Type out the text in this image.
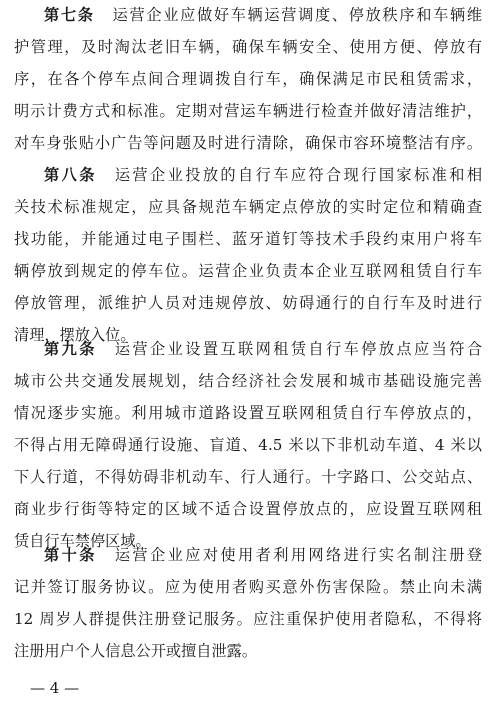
第七条 运营企业应做好车辆运营调度、停放秩序和车辆维
护管理，及时淘汰老旧车辆，确保车辆安全、使用方便、停放有
序，在各个停车点间合理调拨自行车，确保满足市民租赁需求，
明示计费方式和标准。定期对营运车辆进行检查并做好清洁维护，
对车身张贴小广告等问题及时进行清除，确保市容环境整洁有序。
第八条 运营企业投放的自行车应符合现行国家标准和相
关技术标准规定，应具备规范车辆定点停放的实时定位和精确查
找功能，并能通过电子围栏、蓝牙道钉等技术手段约束用户将车
辆停放到规定的停车位。运营企业负责本企业互联网租赁自行车
停放管理，派维护人员对违规停放、妨碍通行的自行车及时进行
清理，摆放入位。
第九条 运营企业设置互联网租赁自行车停放点应当符合
城市公共交通发展规划，结合经济社会发展和城市基础设施完善
情况逐步实施。利用城市道路设置互联网租赁自行车停放点的，
不得占用无障碍通行设施、盲道、4.5 米以下非机动车道、4 米以
下人行道，不得妨碍非机动车、行人通行。十字路口、公交站点、
商业步行街等特定的区域不适合设置停放点的，应设置互联网租
赁自行车禁停区域。
第十条 运营企业应对使用者利用网络进行实名制注册登
记并签订服务协议。应为使用者购买意外伤害保险。禁止向未满
12 周岁人群提供注册登记服务。应注重保护使用者隐私，不得将
注册用户个人信息公开或擅自泄露。
— 4 —
